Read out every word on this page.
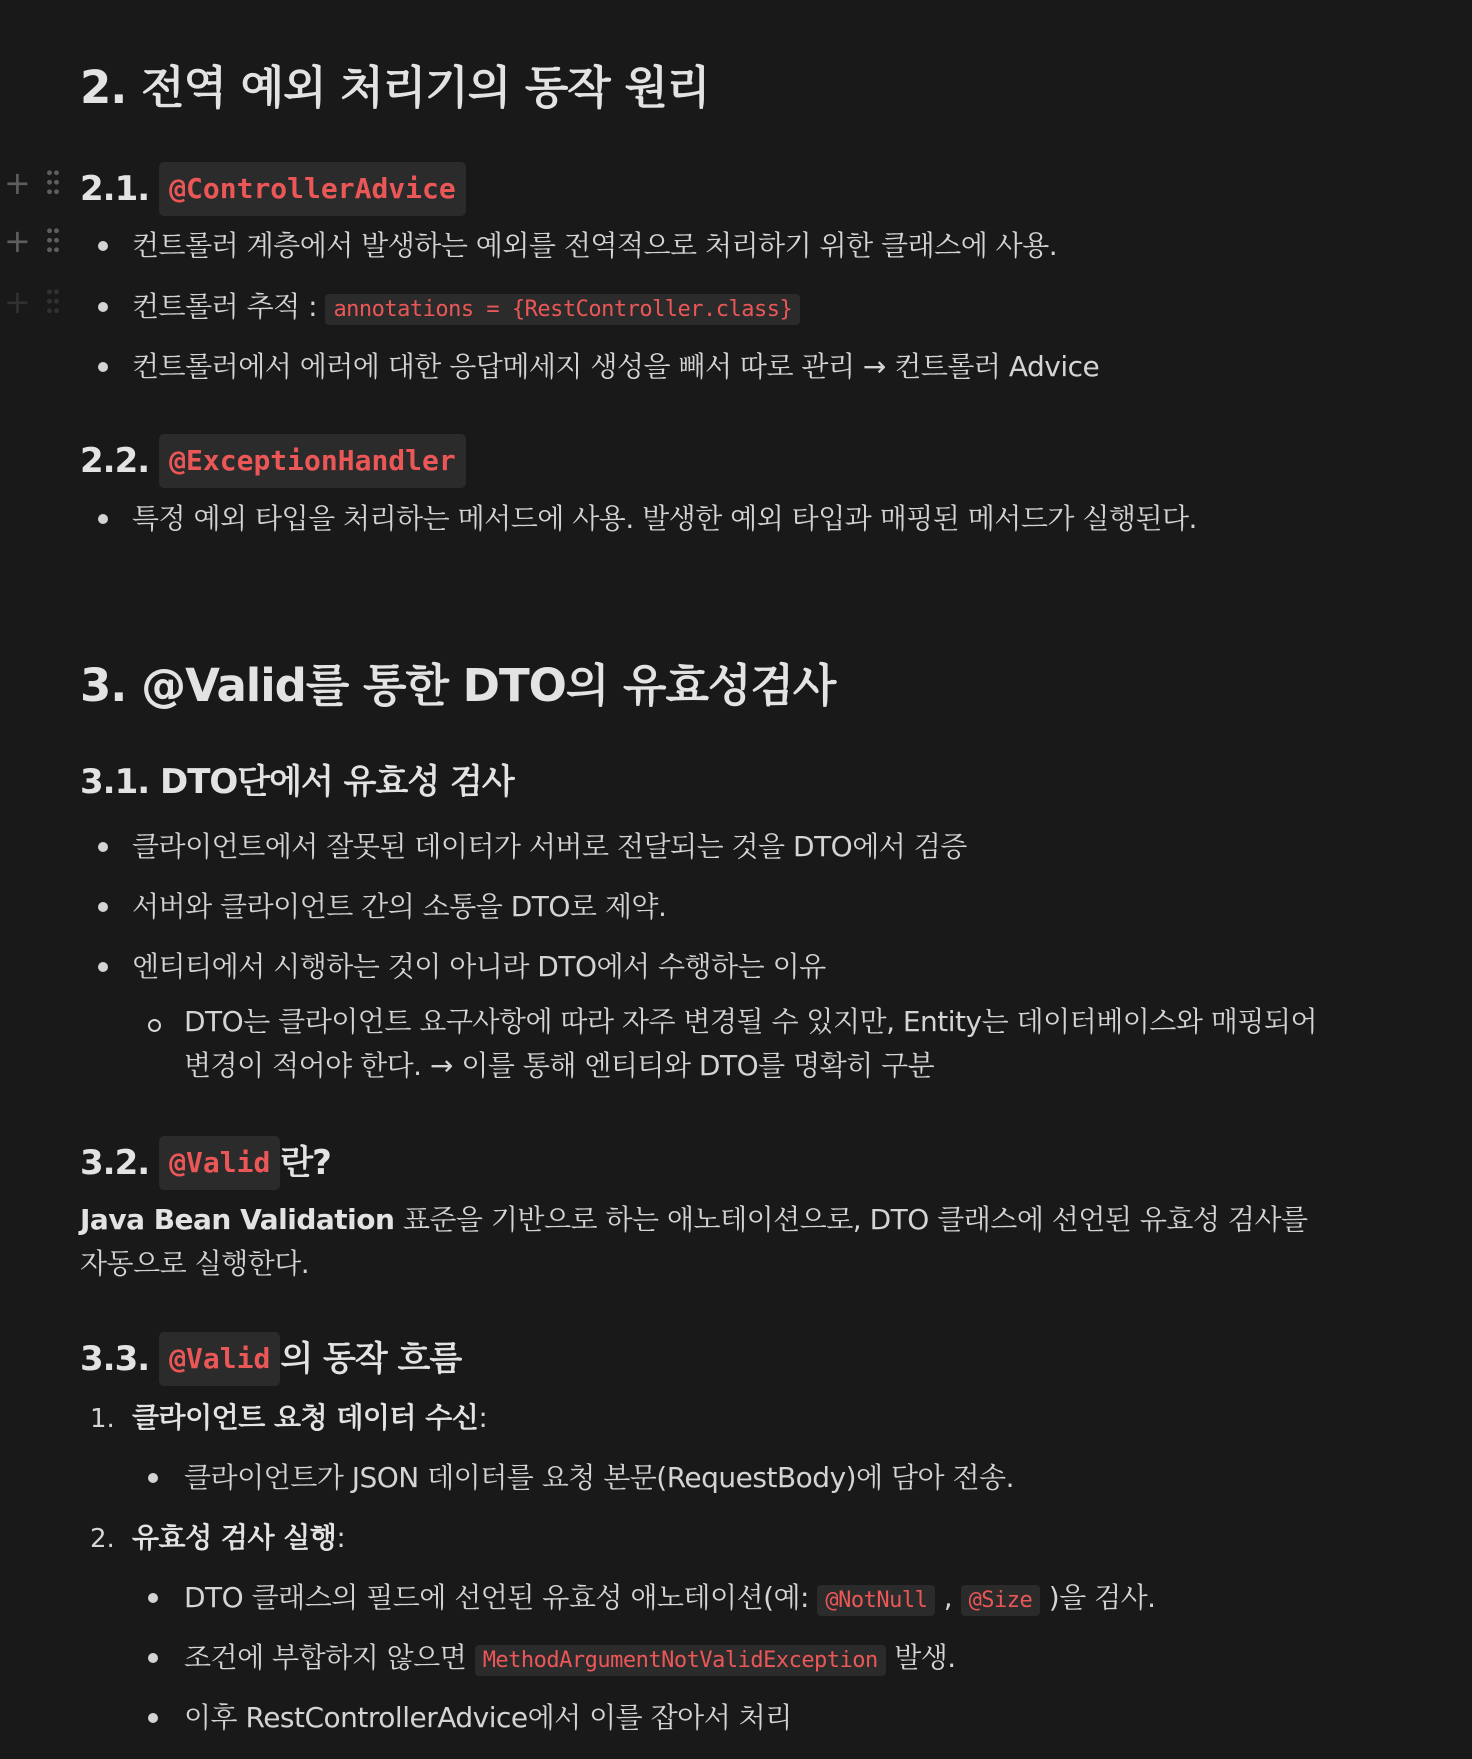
+
+
+
2. 전역 예외 처리기의 동작 원리
2.1. @ControllerAdvice
컨트롤러 계층에서 발생하는 예외를 전역적으로 처리하기 위한 클래스에 사용.
컨트롤러 추적 : annotations = {RestController.class}
컨트롤러에서 에러에 대한 응답메세지 생성을 빼서 따로 관리 → 컨트롤러 Advice
2.2. @ExceptionHandler
특정 예외 타입을 처리하는 메서드에 사용. 발생한 예외 타입과 매핑된 메서드가 실행된다.
3. @Valid를 통한 DTO의 유효성검사
3.1. DTO단에서 유효성 검사
클라이언트에서 잘못된 데이터가 서버로 전달되는 것을 DTO에서 검증
서버와 클라이언트 간의 소통을 DTO로 제약.
엔티티에서 시행하는 것이 아니라 DTO에서 수행하는 이유
DTO는 클라이언트 요구사항에 따라 자주 변경될 수 있지만, Entity는 데이터베이스와 매핑되어 변경이 적어야 한다. → 이를 통해 엔티티와 DTO를 명확히 구분
3.2. @Valid 란?
Java Bean Validation 표준을 기반으로 하는 애노테이션으로, DTO 클래스에 선언된 유효성 검사를 자동으로 실행한다.
3.3. @Valid 의 동작 흐름
1. 클라이언트 요청 데이터 수신:
클라이언트가 JSON 데이터를 요청 본문(RequestBody)에 담아 전송.
2. 유효성 검사 실행:
DTO 클래스의 필드에 선언된 유효성 애노테이션(예: @NotNull , @Size )을 검사.
조건에 부합하지 않으면 MethodArgumentNotValidException 발생.
이후 RestControllerAdvice에서 이를 잡아서 처리
